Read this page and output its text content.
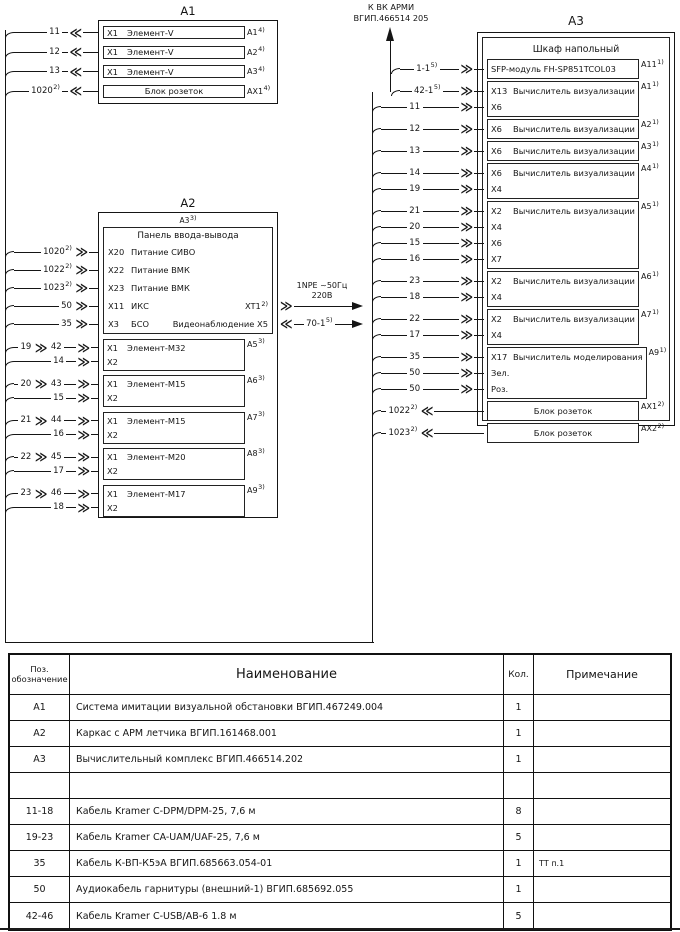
К ВК АРМИ
ВГИП.466514 205
A1
X1	Элемент-V	A1$^{4)}$
X1	Элемент-V	A2$^{4)}$
X1	Элемент-V	A3$^{4)}$
Блок розеток	AX1$^{4)}$
A2
A33)
Панель ввода-вывода
X20 Питание СИВО
X22 Питание ВМК
X23 Питание ВМК
X11 ИКС	XT1$^{2)}$
X3	БСО	Видеонаблюдение X5
X1	Элемент-М32
X2
A5$^{3)}$
X1	Элемент-М15
X2
A6$^{3)}$
X1	Элемент-М15
X2
A7$^{3)}$
X1	Элемент-М20
X2
A8$^{3)}$
X1	Элемент-М17
X2
A9$^{3)}$
A3
Шкаф напольный
SFP-модуль FH-SP851TCOL03	A11$^{1)}$
X13 Вычислитель визуализации
X6
A1$^{1)}$
X6	Вычислитель визуализации A2$^{1)}$
X6	Вычислитель визуализации A3$^{1)}$
X6	Вычислитель визуализации
X4
A4$^{1)}$
X2	Вычислитель визуализации
X4
X6
X7
A5$^{1)}$
X2	Вычислитель визуализации
X4
A6$^{1)}$
X2	Вычислитель визуализации
X4
A7$^{1)}$
X17 Вычислитель моделирования
Зел.
Роз.
A9$^{1)}$
Блок розеток	AX1$^{2)}$
Блок розеток	AX2$^{2)}$
Поз.
обозначение	Наименование	Кол.	Примечание
A1	Система имитации визуальной обстановки ВГИП.467249.004	1
A2	Каркас с АРМ летчика ВГИП.161468.001	1
A3	Вычислительный комплекс ВГИП.466514.202	1
11-18	Кабель Kramer C-DPM/DPM-25, 7,6 м	8
19-23	Кабель Kramer CA-UAM/UAF-25, 7,6 м	5
35	Кабель К-ВП-К5эА ВГИП.685663.054-01	1	ТТ п.1
50	Аудиокабель гарнитуры (внешний-1) ВГИП.685692.055	1
42-46	Кабель Kramer C-USB/AB-6 1.8 м	5
11 ≪
12 ≪
13 ≪
1020$^{2)}$ ≪
1020$^{2)}$ ≫
1022$^{2)}$ ≫
1023$^{2)}$ ≫
50 ≫
35 ≫
19 ≫ 42 ≫
14 ≫
20 ≫ 43 ≫
15 ≫
21 ≫ 44 ≫
16 ≫
22 ≫ 45 ≫
17 ≫
23 ≫ 46 ≫
18 ≫
1-1$^{5)}$ ≫
42-1$^{5)}$ ≫
11	≫
12	≫
13	≫
14	≫
19	≫
21	≫
20	≫
15	≫
16	≫
23	≫
18	≫
22	≫
17	≫
35	≫
50	≫
50	≫
1022$^{2)}$ ≪
1023$^{2)}$ ≪
≫
≪ 70-1$^{5)}$
1NPE ~50Гц
220В
